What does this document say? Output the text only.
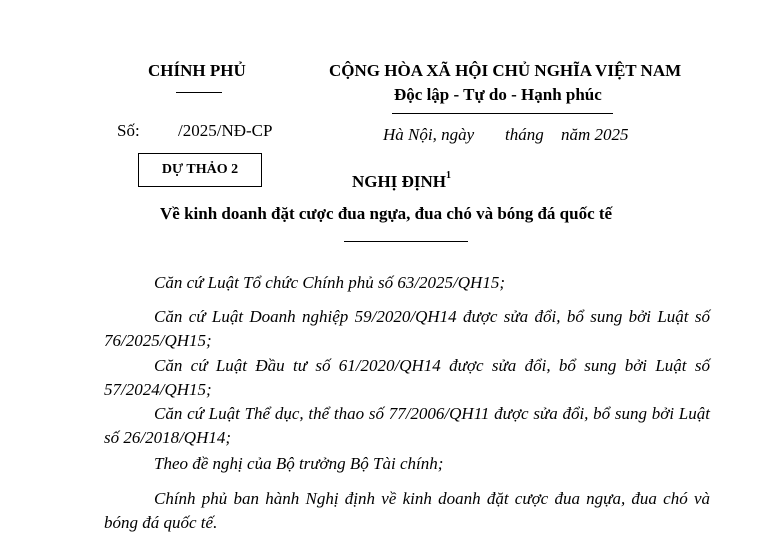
CHÍNH PHỦ	CỘNG HÒA XÃ HỘI CHỦ NGHĨA VIỆT NAM
Độc lập - Tự do - Hạnh phúc
Số: /2025/NĐ-CP	Hà Nội, ngày tháng năm 2025
DỰ THẢO 2
NGHỊ ĐỊNH$^1$
Về kinh doanh đặt cược đua ngựa, đua chó và bóng đá quốc tế
Căn cứ Luật Tổ chức Chính phủ số 63/2025/QH15;
Căn cứ Luật Doanh nghiệp 59/2020/QH14 được sửa đổi, bổ sung bởi Luật số 76/2025/QH15;
Căn cứ Luật Đầu tư số 61/2020/QH14 được sửa đổi, bổ sung bởi Luật số 57/2024/QH15;
Căn cứ Luật Thể dục, thể thao số 77/2006/QH11 được sửa đổi, bổ sung bởi Luật số 26/2018/QH14;
Theo đề nghị của Bộ trưởng Bộ Tài chính;
Chính phủ ban hành Nghị định về kinh doanh đặt cược đua ngựa, đua chó và bóng đá quốc tế.
